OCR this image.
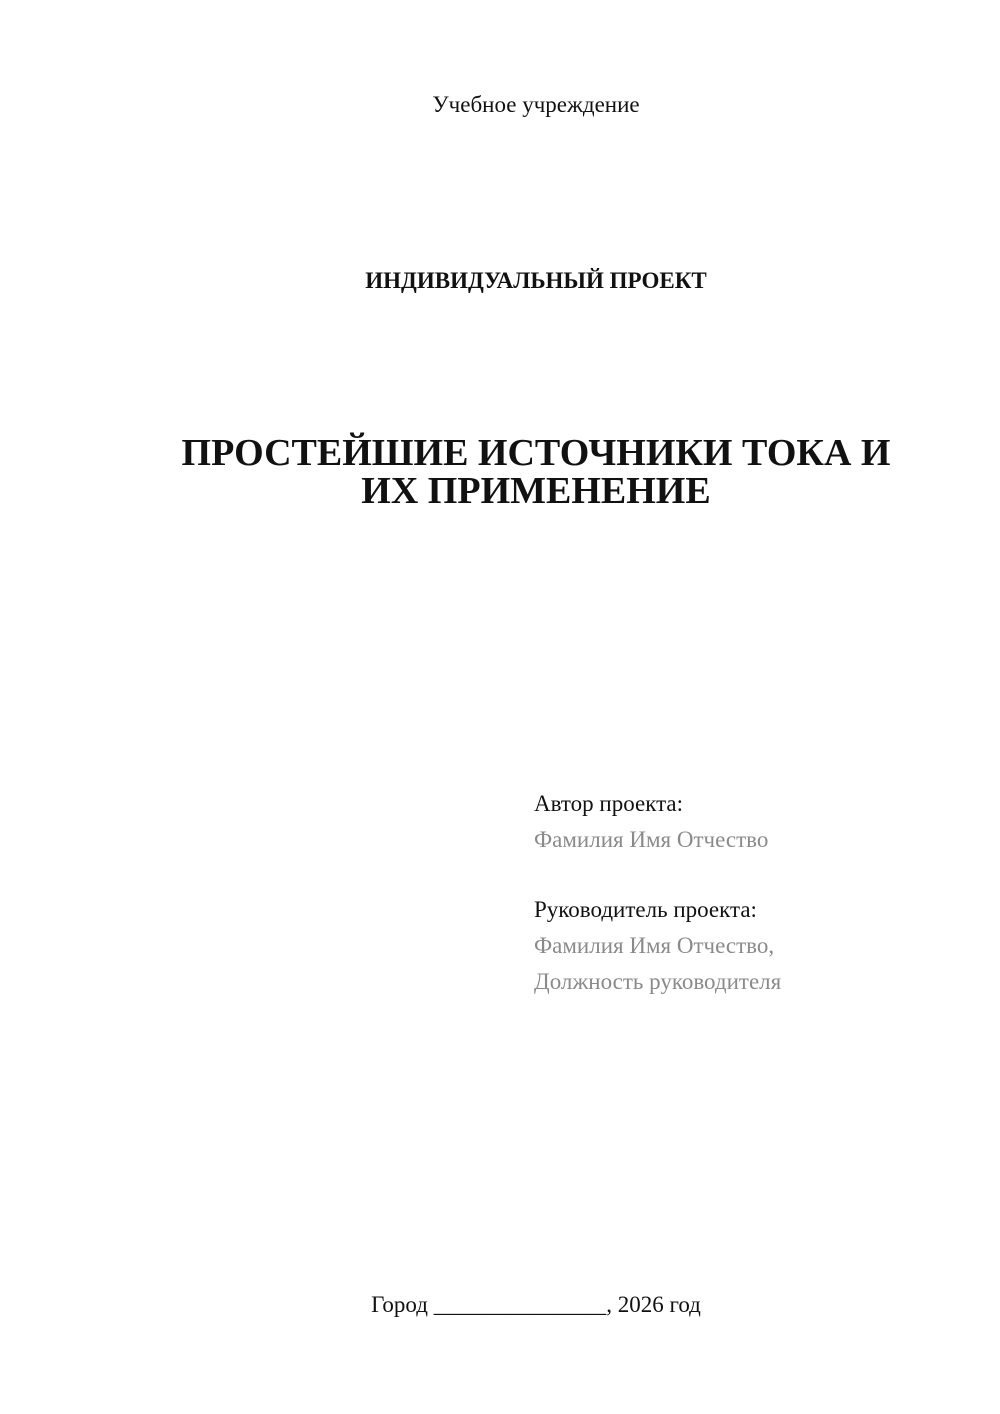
Учебное учреждение
ИНДИВИДУАЛЬНЫЙ ПРОЕКТ
ПРОСТЕЙШИЕ ИСТОЧНИКИ ТОКА И
ИХ ПРИМЕНЕНИЕ
Автор проекта:
Фамилия Имя Отчество
Руководитель проекта:
Фамилия Имя Отчество,
Должность руководителя
Город _______________, 2026 год
